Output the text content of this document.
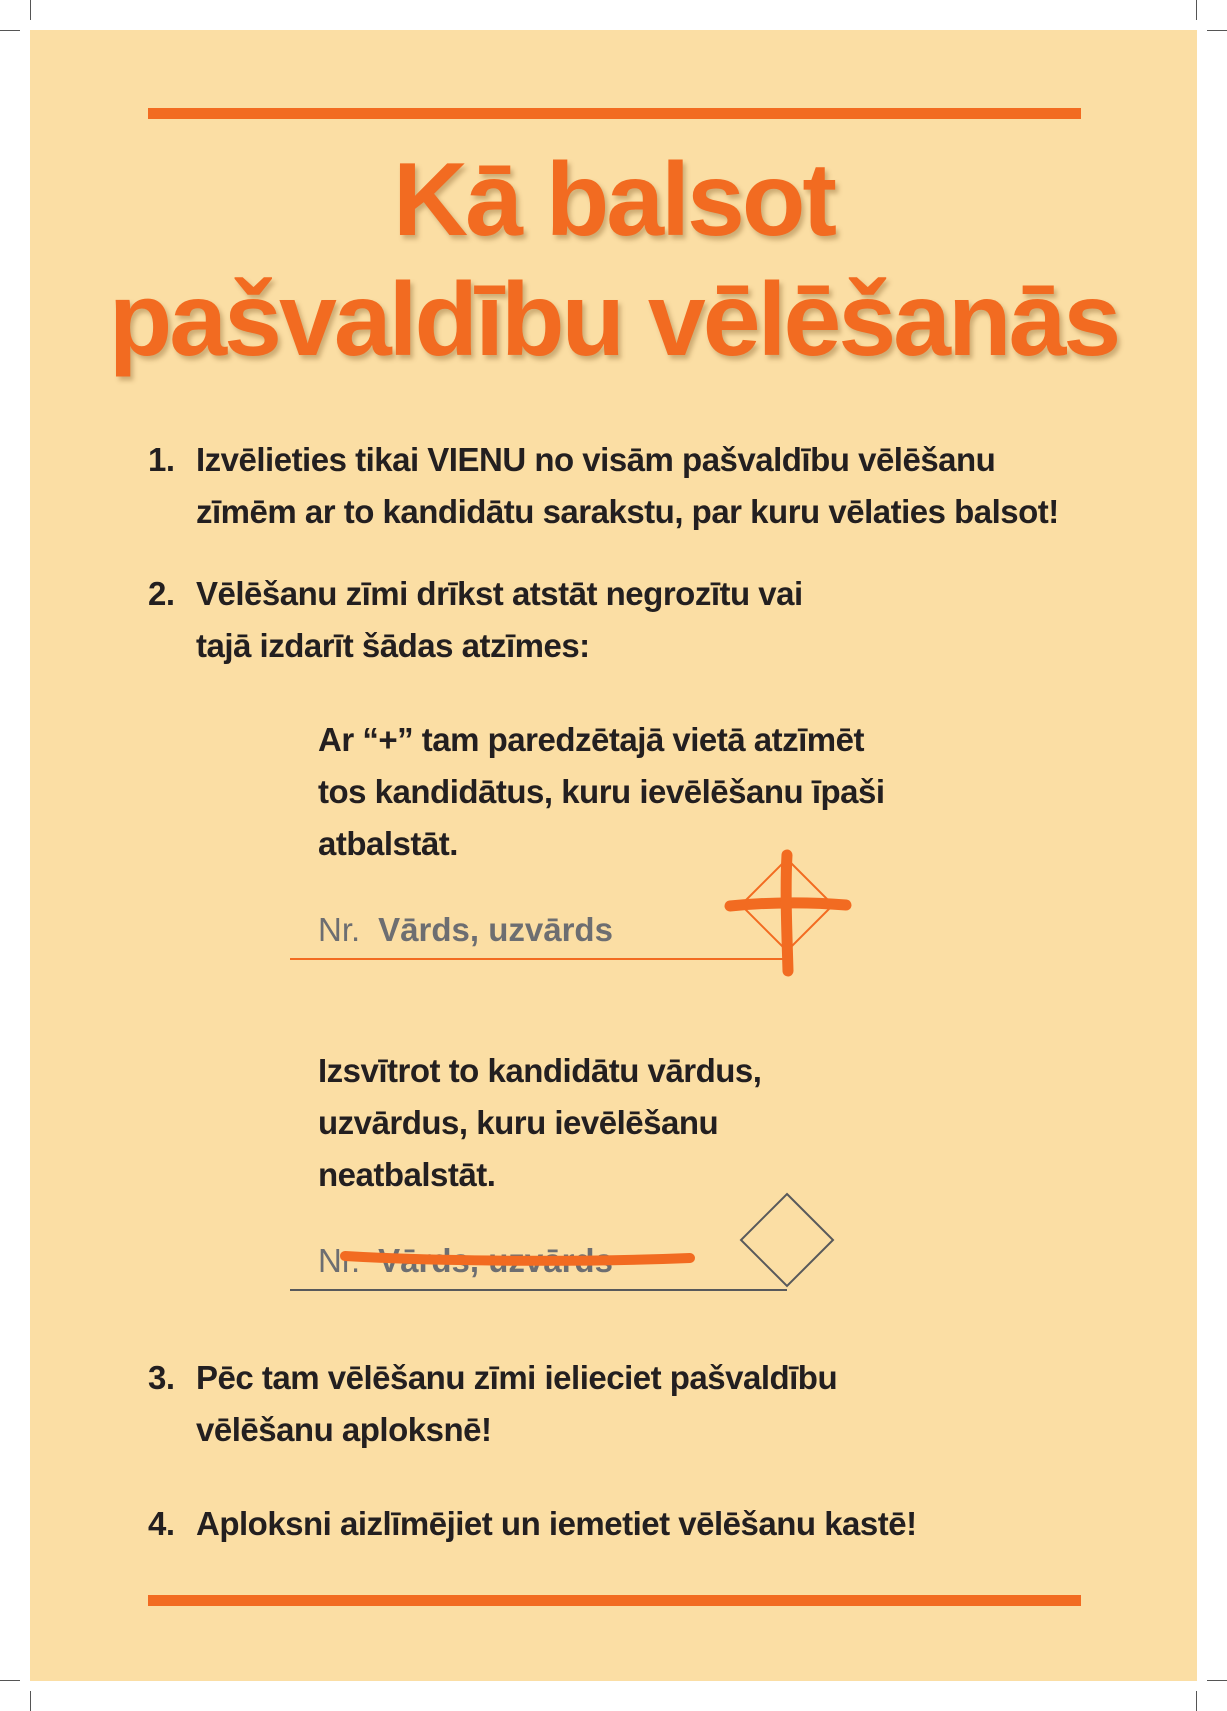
Kā balsot
pašvaldību vēlēšanās
1. Izvēlieties tikai VIENU no visām pašvaldību vēlēšanu
zīmēm ar to kandidātu sarakstu, par kuru vēlaties balsot!
2. Vēlēšanu zīmi drīkst atstāt negrozītu vai
tajā izdarīt šādas atzīmes:
Ar “+” tam paredzētajā vietā atzīmēt
tos kandidātus, kuru ievēlēšanu īpaši
atbalstāt.
Nr. Vārds, uzvārds
Izsvītrot to kandidātu vārdus,
uzvārdus, kuru ievēlēšanu
neatbalstāt.
Nr. Vārds, uzvārds
3. Pēc tam vēlēšanu zīmi ielieciet pašvaldību
vēlēšanu aploksnē!
4. Aploksni aizlīmējiet un iemetiet vēlēšanu kastē!
